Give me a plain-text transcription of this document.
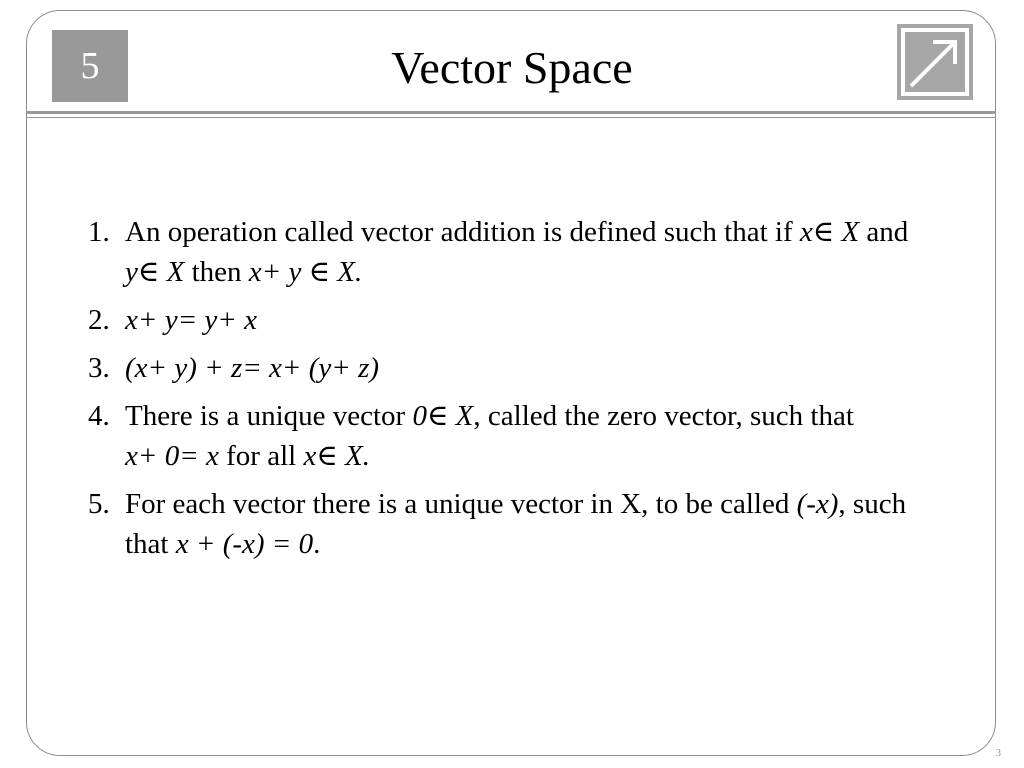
5	Vector Space
1. An operation called vector addition is defined such that if x∈ X and y∈ X then x+ y ∈ X.
2. x+ y= y+ x
3. (x+ y) + z= x+ (y+ z)
4. There is a unique vector 0∈ X, called the zero vector, such that x+ 0= x for all x∈ X.
5. For each vector there is a unique vector in X, to be called (-x), such that x + (-x) = 0.
3
